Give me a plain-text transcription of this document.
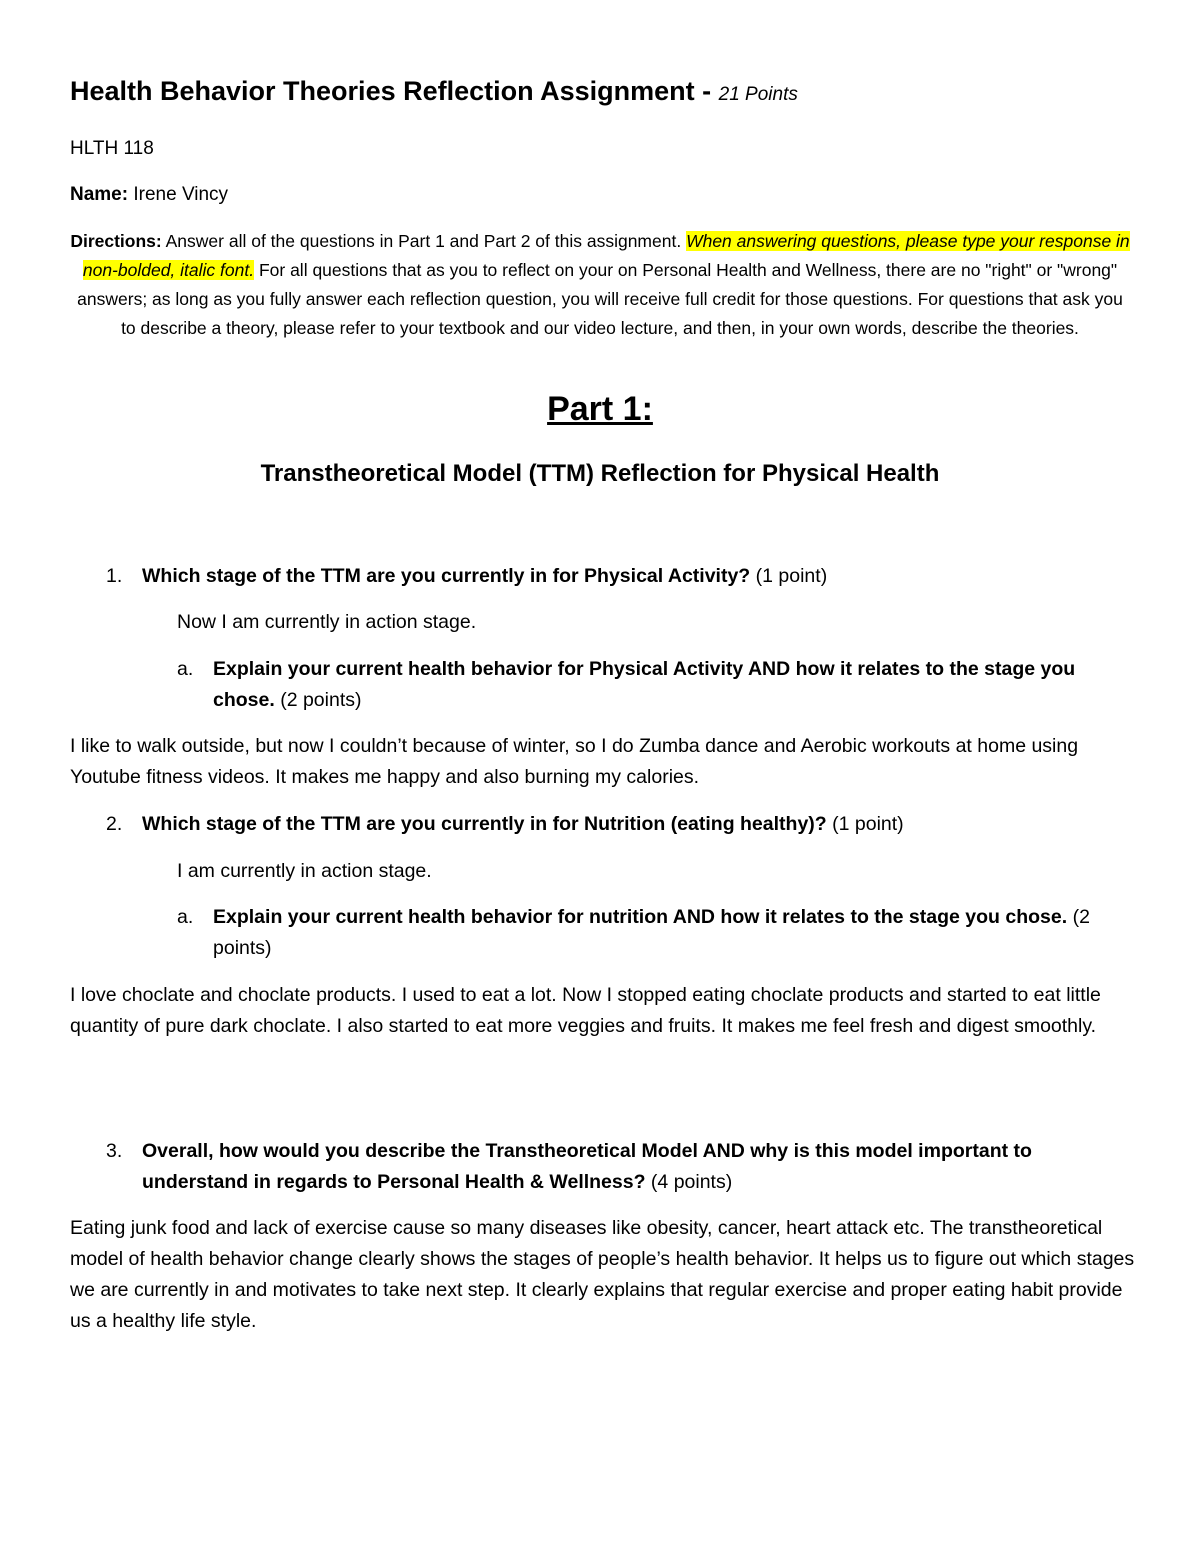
Health Behavior Theories Reflection Assignment - 21 Points
HLTH 118
Name: Irene Vincy
Directions: Answer all of the questions in Part 1 and Part 2 of this assignment. When answering questions, please type your response in non-bolded, italic font. For all questions that as you to reflect on your on Personal Health and Wellness, there are no "right" or "wrong" answers; as long as you fully answer each reflection question, you will receive full credit for those questions. For questions that ask you to describe a theory, please refer to your textbook and our video lecture, and then, in your own words, describe the theories.
Part 1:
Transtheoretical Model (TTM) Reflection for Physical Health
1. Which stage of the TTM are you currently in for Physical Activity? (1 point)
Now I am currently in action stage.
a. Explain your current health behavior for Physical Activity AND how it relates to the stage you chose. (2 points)
I like to walk outside, but now I couldn’t because of winter, so I do Zumba dance and Aerobic workouts at home using Youtube fitness videos. It makes me happy and also burning my calories.
2. Which stage of the TTM are you currently in for Nutrition (eating healthy)? (1 point)
I am currently in action stage.
a. Explain your current health behavior for nutrition AND how it relates to the stage you chose. (2 points)
I love choclate and choclate products. I used to eat a lot. Now I stopped eating choclate products and started to eat little quantity of pure dark choclate. I also started to eat more veggies and fruits. It makes me feel fresh and digest smoothly.
3. Overall, how would you describe the Transtheoretical Model AND why is this model important to understand in regards to Personal Health & Wellness? (4 points)
Eating junk food and lack of exercise cause so many diseases like obesity, cancer, heart attack etc. The transtheoretical model of health behavior change clearly shows the stages of people’s health behavior. It helps us to figure out which stages we are currently in and motivates to take next step. It clearly explains that regular exercise and proper eating habit provide us a healthy life style.
